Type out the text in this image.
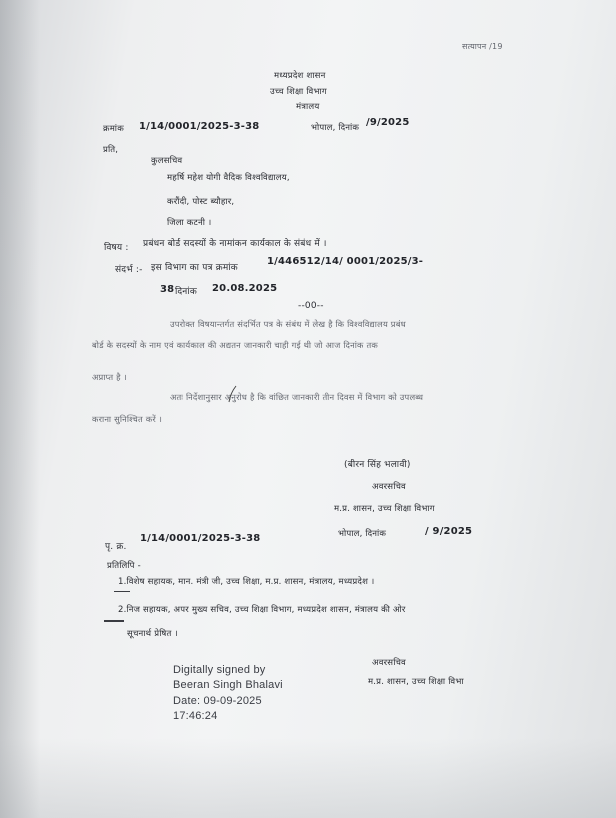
सत्यापन /19
मध्यप्रदेश शासन
उच्च शिक्षा विभाग
मंत्रालय
क्रमांक 1/14/0001/2025-3-38	भोपाल, दिनांक /9/2025
प्रति,
कुलसचिव
महर्षि महेश योगी वैदिक विश्वविद्यालय,
करौंदी, पोस्ट ब्यौहार,
जिला कटनी ।
विषय : प्रबंधन बोर्ड सदस्यों के नामांकन कार्यकाल के संबंध में ।
संदर्भ :- इस विभाग का पत्र क्रमांक
1/446512/14/ 0001/2025/3-
38 दिनांक 20.08.2025
--00--
उपरोक्त विषयान्तर्गत संदर्भित पत्र के संबंध में लेख है कि विश्वविद्यालय प्रबंध
बोर्ड के सदस्यों के नाम एवं कार्यकाल की अद्यतन जानकारी चाही गई थी जो आज दिनांक तक
अप्राप्त है ।
अतः निर्देशानुसार अनुरोध है कि वांछित जानकारी तीन दिवस में विभाग को उपलब्ध
कराना सुनिश्चित करें ।
(बीरन सिंह भलावी)
अवरसचिव
म.प्र. शासन, उच्च शिक्षा विभाग
पृ. क्र.
1/14/0001/2025-3-38	भोपाल, दिनांक	/ 9/2025
प्रतिलिपि -
1.विशेष सहायक, मान. मंत्री जी, उच्च शिक्षा, म.प्र. शासन, मंत्रालय, मध्यप्रदेश ।
2.निज सहायक, अपर मुख्य सचिव, उच्च शिक्षा विभाग, मध्यप्रदेश शासन, मंत्रालय की ओर
सूचनार्थ प्रेषित ।
Digitally signed by
Beeran Singh Bhalavi
Date: 09-09-2025
17:46:24
अवरसचिव
म.प्र. शासन, उच्च शिक्षा विभा
